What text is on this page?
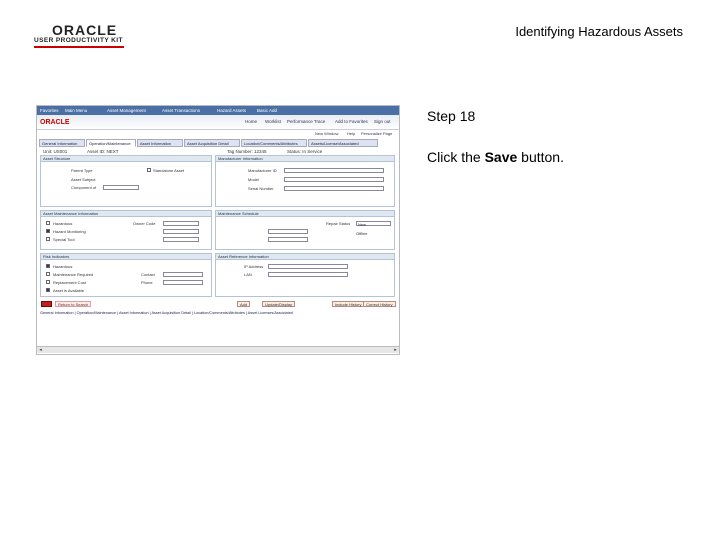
ORACLE
USER PRODUCTIVITY KIT
Identifying Hazardous Assets
Step 18
Click the Save button.
Favorites Main Menu	Asset Management	Asset Transactions	Hazard Assets Basic Add
ORACLE	Home Worklist Performance Trace Add to Favorites Sign out
New Window Help Personalize Page
General Information	Operation/Maintenance	Asset Information	Asset Acquisition Detail	Location/Comments/Attributes	Assets/License/Associated
Unit: US001	Asset ID: NEXT	Tag Number: 12345	Status: In Service
Asset Structure
Parent Type
Asset Subject
Component of
Standalone Asset
Manufacturer Information
Manufacturer ID
Model
Serial Number
Asset Maintenance Information
Hazardous
Hazard Monitoring
Special Tool
Owner Code
Maintenance Schedule
Repair Status	New
Offline
Risk Indicators
Hazardous
Maintenance Required
Replacement Cost
Asset is Available
Contact
Phone
Asset Reference Information
IP Address
LAN
Return to Search	Add	Update/Display	Include History	Correct History
General Information | Operation/Maintenance | Asset Information | Asset Acquisition Detail | Location/Comments/Attributes | Asset Licenses/Associated
◂	▸
